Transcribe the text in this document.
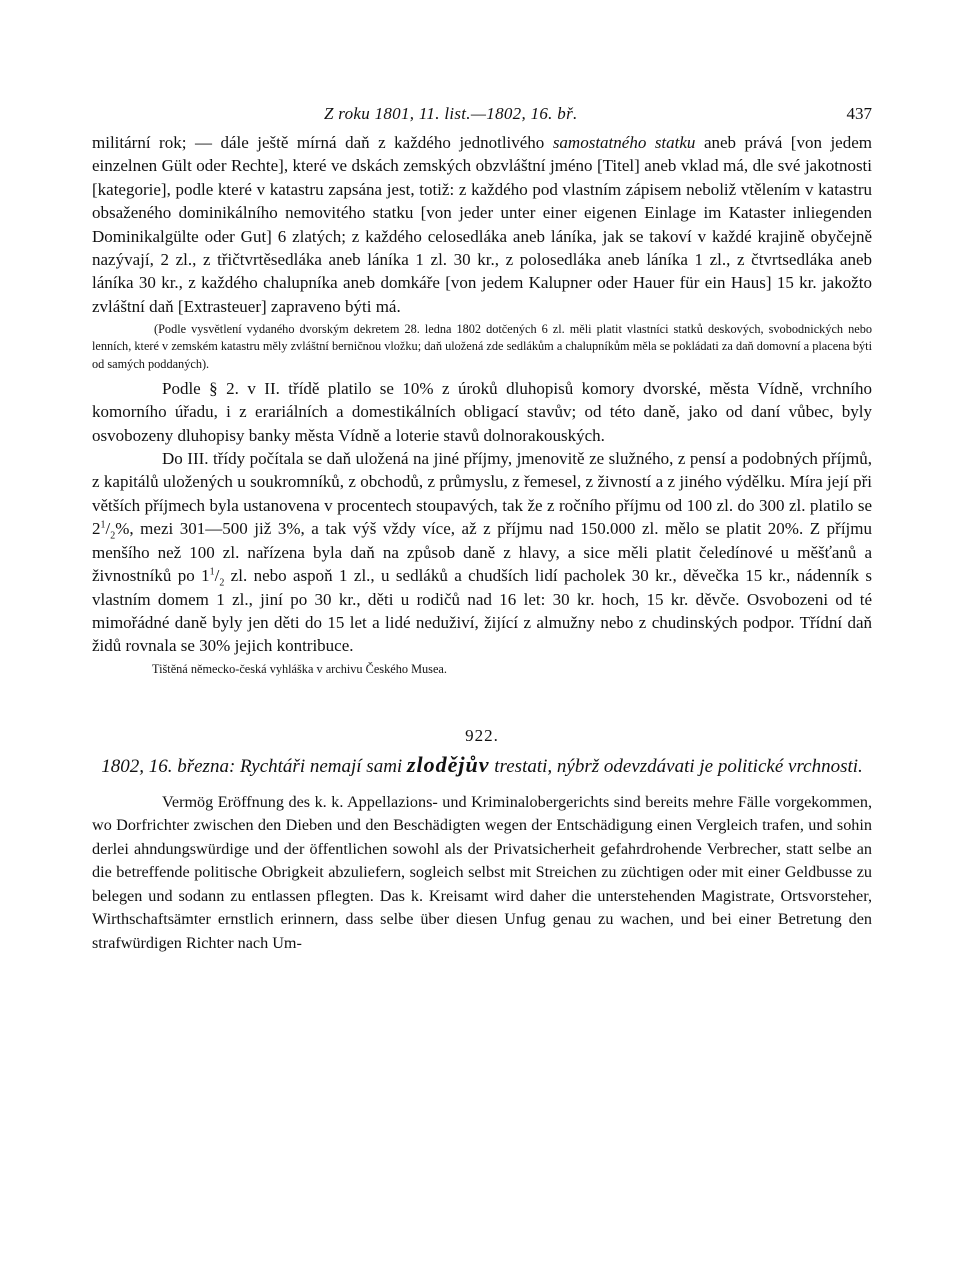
Z roku 1801, 11. list.—1802, 16. bř.	437

militární rok; — dále ještě mírná daň z každého jednotlivého samostatného statku aneb prává [von jedem einzelnen Gült oder Rechte], které ve dskách zemských obzvláštní jméno [Titel] aneb vklad má, dle své jakotnosti [kategorie], podle které v katastru zapsána jest, totiž: z každého pod vlastním zápisem neboliž vtělením v katastru obsaženého dominikálního nemovitého statku [von jeder unter einer eigenen Einlage im Kataster inliegenden Dominikalgülte oder Gut] 6 zlatých; z každého celosedláka aneb láníka, jak se takoví v každé krajině obyčejně nazývají, 2 zl., z třičtvrtěsedláka aneb láníka 1 zl. 30 kr., z polosedláka aneb láníka 1 zl., z čtvrtsedláka aneb láníka 30 kr., z každého chalupníka aneb domkáře [von jedem Kalupner oder Hauer für ein Haus] 15 kr. jakožto zvláštní daň [Extrasteuer] zapraveno býti má.

(Podle vysvětlení vydaného dvorským dekretem 28. ledna 1802 dotčených 6 zl. měli platit vlastníci statků deskových, svobodnických nebo lenních, které v zemském katastru měly zvláštní berničnou vložku; daň uložená zde sedlákům a chalupníkům měla se pokládati za daň domovní a placena býti od samých poddaných).

Podle § 2. v II. třídě platilo se 10% z úroků dluhopisů komory dvorské, města Vídně, vrchního komorního úřadu, i z erariálních a domestikálních obligací stavův; od této daně, jako od daní vůbec, byly osvobozeny dluhopisy banky města Vídně a loterie stavů dolnorakouských.

Do III. třídy počítala se daň uložená na jiné příjmy, jmenovitě ze služného, z pensí a podobných příjmů, z kapitálů uložených u soukromníků, z obchodů, z průmyslu, z řemesel, z živností a z jiného výdělku. Míra její při větších příjmech byla ustanovena v procentech stoupavých, tak že z ročního příjmu od 100 zl. do 300 zl. platilo se $2^1/_2\%$, mezi 301—500 již 3%, a tak výš vždy více, až z příjmu nad 150.000 zl. mělo se platit 20%. Z příjmu menšího než 100 zl. nařízena byla daň na způsob daně z hlavy, a sice měli platit čeledínové u měšťanů a živnostníků po $1^1/_2$ zl. nebo aspoň 1 zl., u sedláků a chudších lidí pacholek 30 kr., děvečka 15 kr., nádenník s vlastním domem 1 zl., jiní po 30 kr., děti u rodičů nad 16 let: 30 kr. hoch, 15 kr. děvče. Osvobozeni od té mimořádné daně byly jen děti do 15 let a lidé neduživí, žijící z almužny nebo z chudinských podpor. Třídní daň židů rovnala se 30% jejich kontribuce.

Tištěná německo-česká vyhláška v archivu Českého Musea.

922.
1802, 16. března: Rychtáři nemají sami zlodějův trestati, nýbrž odevzdávati je politické vrchnosti.

Vermög Eröffnung des k. k. Appellazions- und Kriminalobergerichts sind bereits mehre Fälle vorgekommen, wo Dorfrichter zwischen den Dieben und den Beschädigten wegen der Entschädigung einen Vergleich trafen, und sohin derlei ahndungswürdige und der öffentlichen sowohl als der Privatsicherheit gefahrdrohende Verbrecher, statt selbe an die betreffende politische Obrigkeit abzuliefern, sogleich selbst mit Streichen zu züchtigen oder mit einer Geldbusse zu belegen und sodann zu entlassen pflegten. Das k. Kreisamt wird daher die unterstehenden Magistrate, Ortsvorsteher, Wirthschaftsämter ernstlich erinnern, dass selbe über diesen Unfug genau zu wachen, und bei einer Betretung den strafwürdigen Richter nach Um-
